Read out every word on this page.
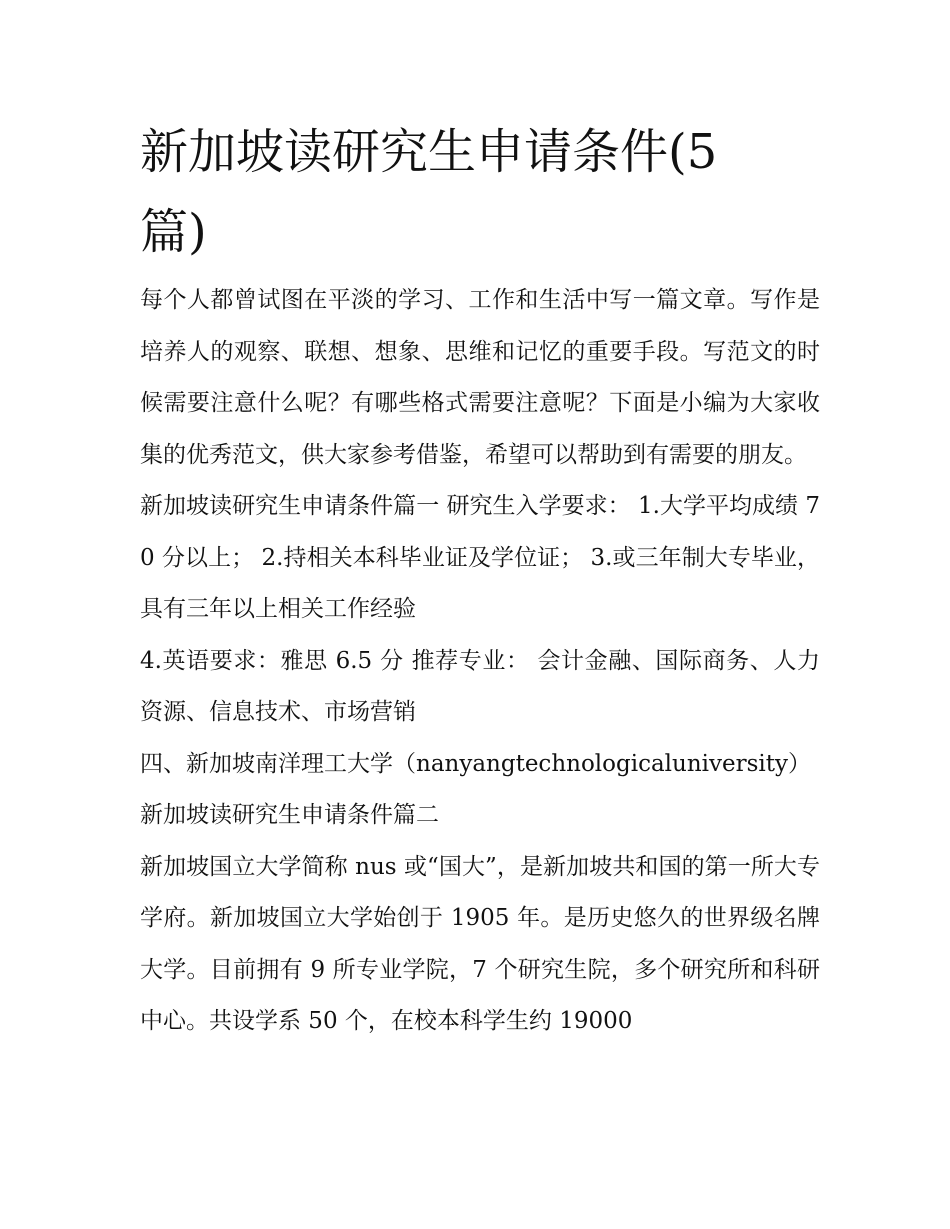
新加坡读研究生申请条件(5
篇)

每个人都曾试图在平淡的学习、工作和生活中写一篇文章。写作是培养人的观察、联想、想象、思维和记忆的重要手段。写范文的时候需要注意什么呢？有哪些格式需要注意呢？下面是小编为大家收集的优秀范文，供大家参考借鉴，希望可以帮助到有需要的朋友。

新加坡读研究生申请条件篇一 研究生入学要求： 1.大学平均成绩 70 分以上； 2.持相关本科毕业证及学位证； 3.或三年制大专毕业，具有三年以上相关工作经验

4.英语要求：雅思 6.5 分 推荐专业： 会计金融、国际商务、人力资源、信息技术、市场营销

四、新加坡南洋理工大学（nanyangtechnologicaluniversity）

新加坡读研究生申请条件篇二

新加坡国立大学简称 nus 或“国大”，是新加坡共和国的第一所大专学府。新加坡国立大学始创于 1905 年。是历史悠久的世界级名牌大学。目前拥有 9 所专业学院，7 个研究生院，多个研究所和科研中心。共设学系 50 个，在校本科学生约 19000
